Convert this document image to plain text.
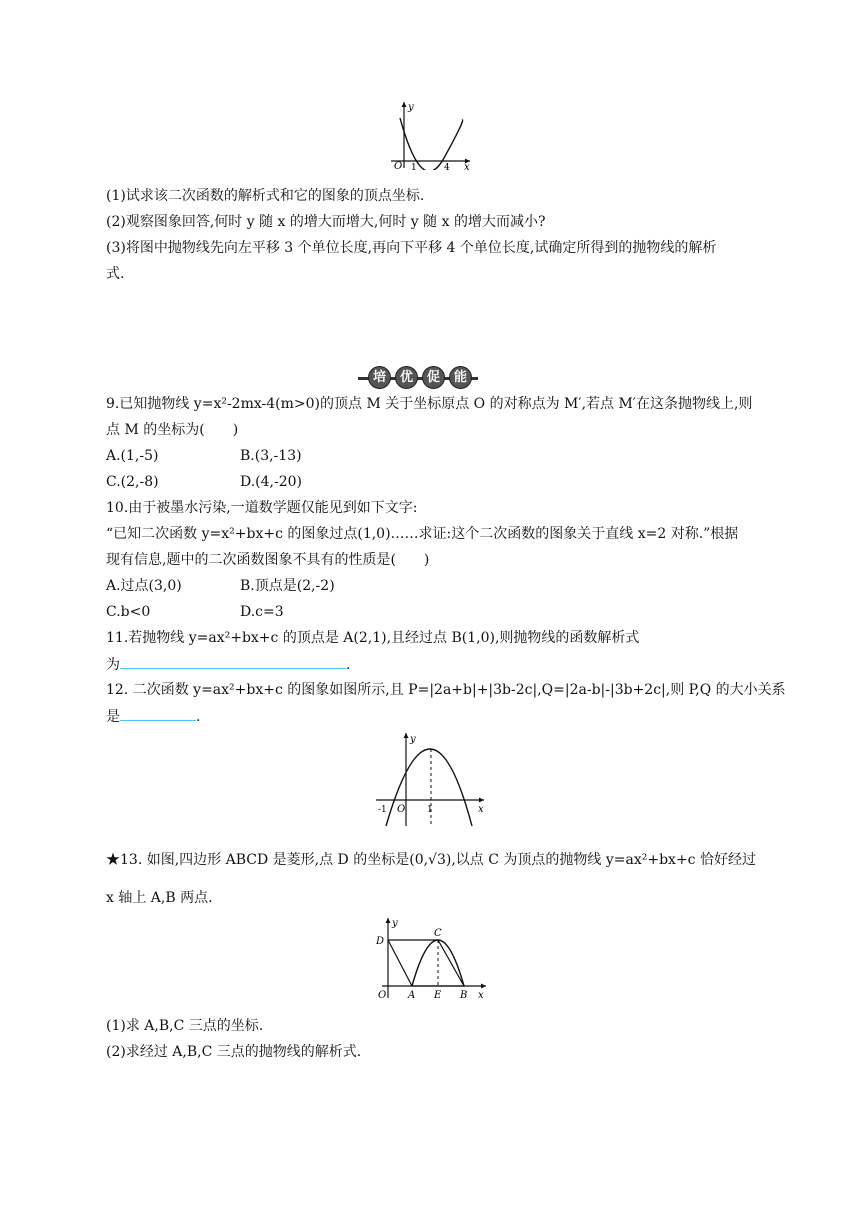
y
x
O 1	4
(1)试求该二次函数的解析式和它的图象的顶点坐标.
(2)观察图象回答,何时 y 随 x 的增大而增大,何时 y 随 x 的增大而减小?
(3)将图中抛物线先向左平移 3 个单位长度,再向下平移 4 个单位长度,试确定所得到的抛物线的解析
式.
培	优	促	能
9.已知抛物线 y=x²-2mx-4(m>0)的顶点 M 关于坐标原点 O 的对称点为 M′,若点 M′在这条抛物线上,则
点 M 的坐标为(　　)
A.(1,-5)	B.(3,-13)
C.(2,-8)	D.(4,-20)
10.由于被墨水污染,一道数学题仅能见到如下文字:
“已知二次函数 y=x²+bx+c 的图象过点(1,0)……求证:这个二次函数的图象关于直线 x=2 对称.”根据
现有信息,题中的二次函数图象不具有的性质是(　　)
A.过点(3,0)	B.顶点是(2,-2)
C.b<0	D.c=3
11.若抛物线 y=ax²+bx+c 的顶点是 A(2,1),且经过点 B(1,0),则抛物线的函数解析式
为	.
12. 二次函数 y=ax²+bx+c 的图象如图所示,且 P=|2a+b|+|3b-2c|,Q=|2a-b|-|3b+2c|,则 P,Q 的大小关系
是	.
y
x
O
-1	1
★13. 如图,四边形 ABCD 是菱形,点 D 的坐标是(0,√3),以点 C 为顶点的抛物线 y=ax²+bx+c 恰好经过
x 轴上 A,B 两点.
y
x
O
D
C
A E B
(1)求 A,B,C 三点的坐标.
(2)求经过 A,B,C 三点的抛物线的解析式.
